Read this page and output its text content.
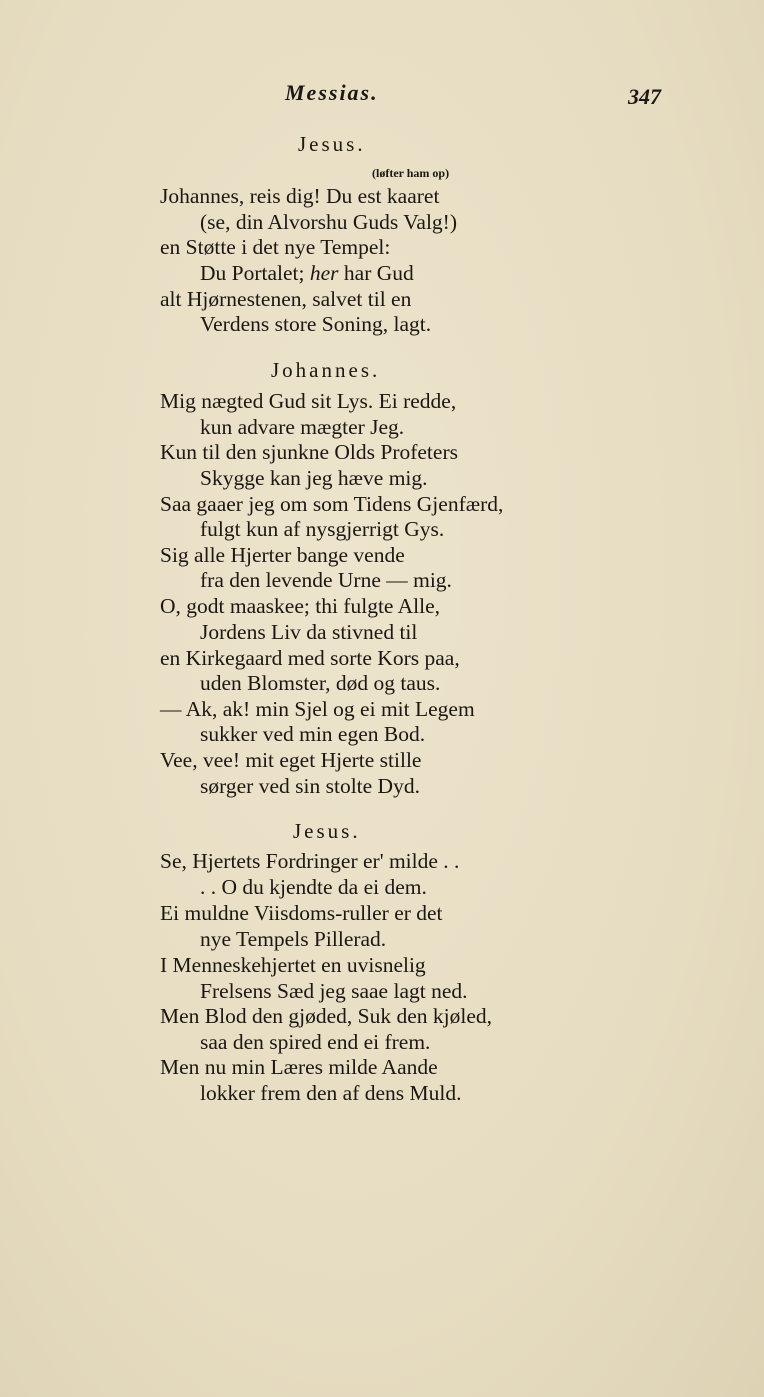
Messias.	347
Jesus.
(løfter ham op)
Johannes, reis dig! Du est kaaret
(se, din Alvorshu Guds Valg!)
en Støtte i det nye Tempel:
Du Portalet; her har Gud
alt Hjørnestenen, salvet til en
Verdens store Soning, lagt.
Johannes.
Mig nægted Gud sit Lys. Ei redde,
kun advare mægter Jeg.
Kun til den sjunkne Olds Profeters
Skygge kan jeg hæve mig.
Saa gaaer jeg om som Tidens Gjenfærd,
fulgt kun af nysgjerrigt Gys.
Sig alle Hjerter bange vende
fra den levende Urne — mig.
O, godt maaskee; thi fulgte Alle,
Jordens Liv da stivned til
en Kirkegaard med sorte Kors paa,
uden Blomster, død og taus.
— Ak, ak! min Sjel og ei mit Legem
sukker ved min egen Bod.
Vee, vee! mit eget Hjerte stille
sørger ved sin stolte Dyd.
Jesus.
Se, Hjertets Fordringer er' milde . .
. . O du kjendte da ei dem.
Ei muldne Viisdoms-ruller er det
nye Tempels Pillerad.
I Menneskehjertet en uvisnelig
Frelsens Sæd jeg saae lagt ned.
Men Blod den gjøded, Suk den kjøled,
saa den spired end ei frem.
Men nu min Læres milde Aande
lokker frem den af dens Muld.
